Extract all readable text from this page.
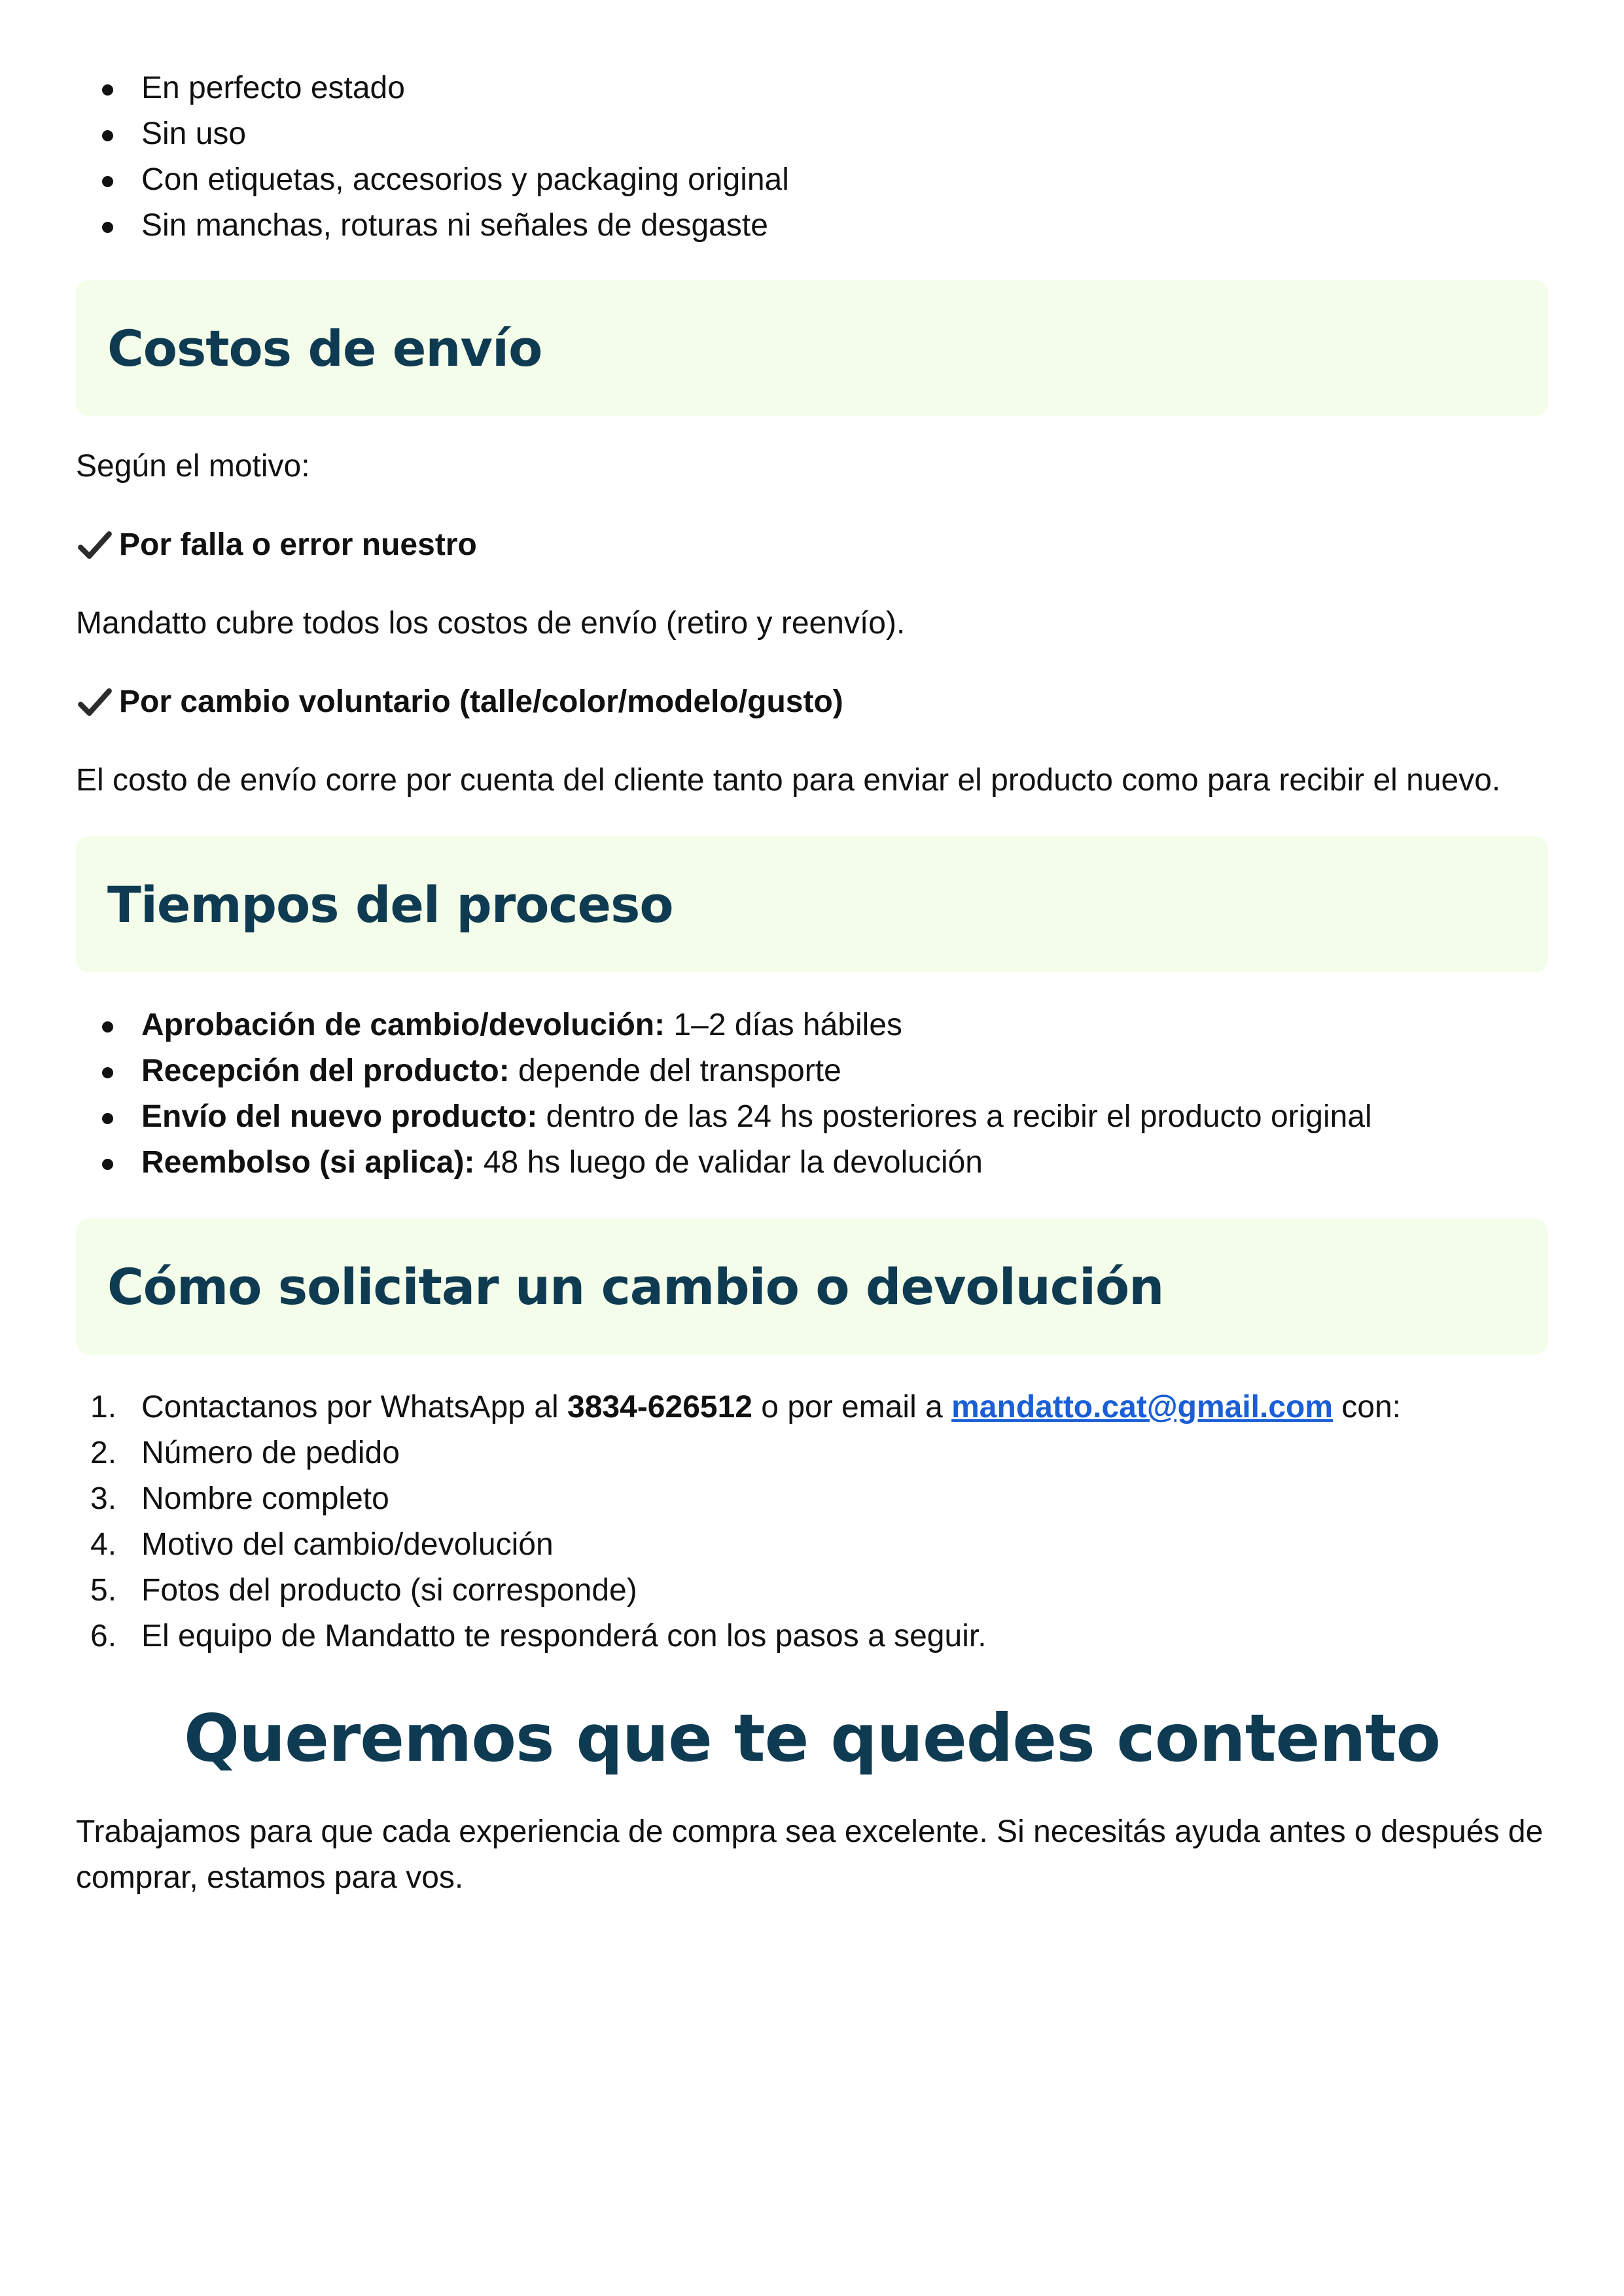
En perfecto estado
Sin uso
Con etiquetas, accesorios y packaging original
Sin manchas, roturas ni señales de desgaste
Costos de envío

Según el motivo:

Por falla o error nuestro

Mandatto cubre todos los costos de envío (retiro y reenvío).

Por cambio voluntario (talle/color/modelo/gusto)

El costo de envío corre por cuenta del cliente tanto para enviar el producto como para recibir el nuevo.

Tiempos del proceso
Aprobación de cambio/devolución: 1–2 días hábiles
Recepción del producto: depende del transporte
Envío del nuevo producto: dentro de las 24 hs posteriores a recibir el producto original
Reembolso (si aplica): 48 hs luego de validar la devolución
Cómo solicitar un cambio o devolución
1. Contactanos por WhatsApp al 3834-626512 o por email a mandatto.cat@gmail.com con:
2. Número de pedido
3. Nombre completo
4. Motivo del cambio/devolución
5. Fotos del producto (si corresponde)
6. El equipo de Mandatto te responderá con los pasos a seguir.
Queremos que te quedes contento

Trabajamos para que cada experiencia de compra sea excelente. Si necesitás ayuda antes o después de comprar, estamos para vos.
